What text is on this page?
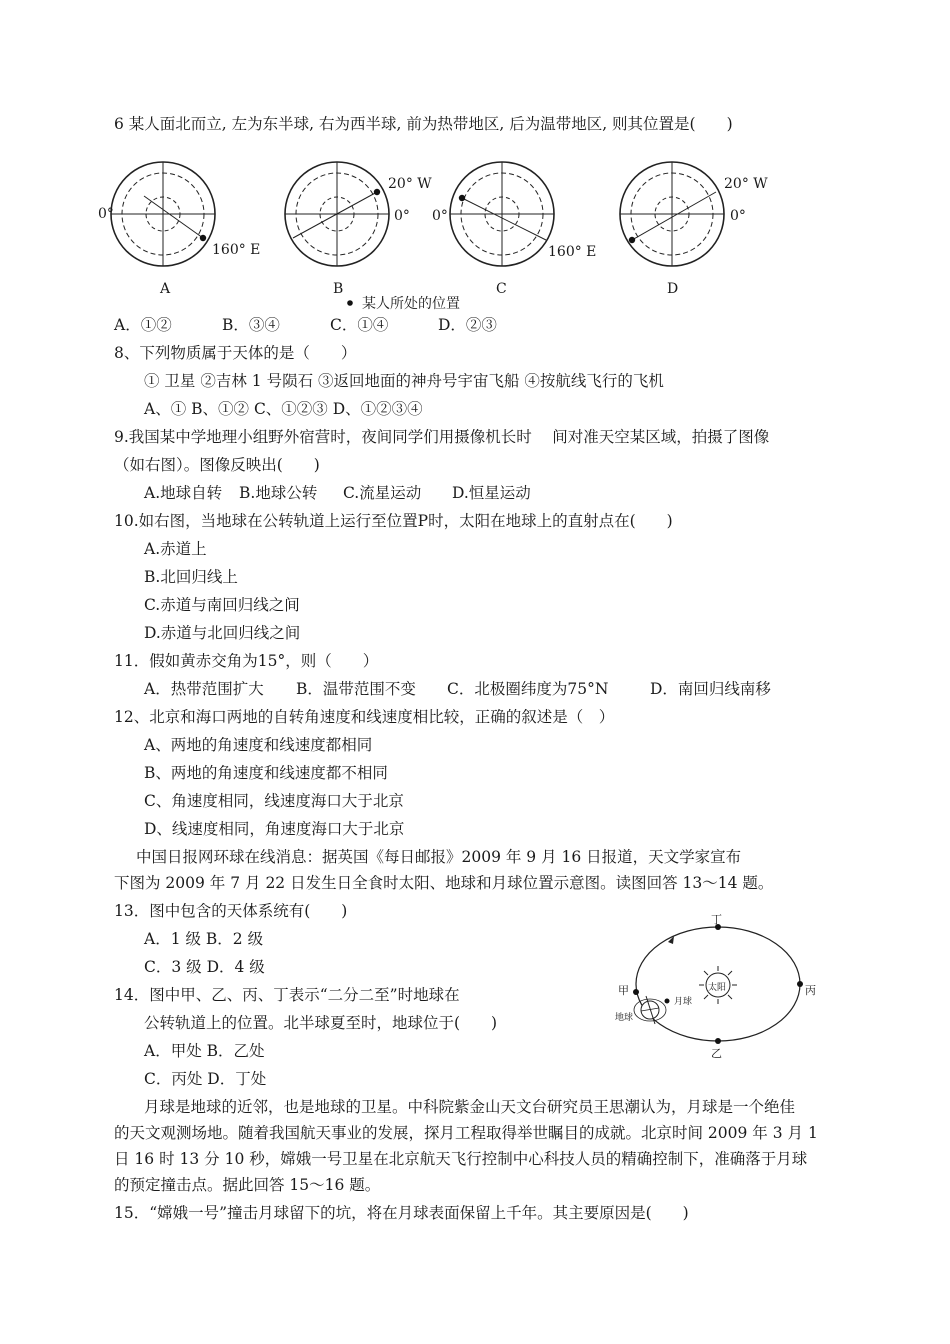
6 某人面北而立, 左为东半球, 右为西半球, 前为热带地区, 后为温带地区, 则其位置是(　　)
0°
160° E
A
20° W
0°
B
0°
160° E
C
20° W
0°
D
某人所处的位置
A．①②	B．③④	C．①④	D．②③
8、下列物质属于天体的是（　　）
① 卫星 ②吉林 1 号陨石 ③返回地面的神舟号宇宙飞船 ④按航线飞行的飞机
A、① B、①② C、①②③ D、①②③④
9.我国某中学地理小组野外宿营时，夜间同学们用摄像机长时　 间对准天空某区域，拍摄了图像
（如右图）。图像反映出(　　)
A.地球自转 B.地球公转 C.流星运动 D.恒星运动
10.如右图，当地球在公转轨道上运行至位置P时，太阳在地球上的直射点在(　　)
A.赤道上
B.北回归线上
C.赤道与南回归线之间
D.赤道与北回归线之间
11．假如黄赤交角为15°，则（　　）
A．热带范围扩大 B．温带范围不变 C．北极圈纬度为75°N	D．南回归线南移
12、北京和海口两地的自转角速度和线速度相比较，正确的叙述是（　）
A、两地的角速度和线速度都相同
B、两地的角速度和线速度都不相同
C、角速度相同，线速度海口大于北京
D、线速度相同，角速度海口大于北京
中国日报网环球在线消息：据英国《每日邮报》2009 年 9 月 16 日报道，天文学家宣布
下图为 2009 年 7 月 22 日发生日全食时太阳、地球和月球位置示意图。读图回答 13～14 题。
13．图中包含的天体系统有(　　)
A．1 级 B．2 级
C．3 级 D．4 级
14．图中甲、乙、丙、丁表示“二分二至”时地球在
公转轨道上的位置。北半球夏至时，地球位于(　　)
A．甲处 B．乙处
C．丙处 D．丁处
太阳
丁
乙
甲	丙
地球
月球
月球是地球的近邻，也是地球的卫星。中科院紫金山天文台研究员王思潮认为，月球是一个绝佳
的天文观测场地。随着我国航天事业的发展，探月工程取得举世瞩目的成就。北京时间 2009 年 3 月 1
日 16 时 13 分 10 秒，嫦娥一号卫星在北京航天飞行控制中心科技人员的精确控制下，准确落于月球
的预定撞击点。据此回答 15～16 题。
15．“嫦娥一号”撞击月球留下的坑，将在月球表面保留上千年。其主要原因是(　　)
